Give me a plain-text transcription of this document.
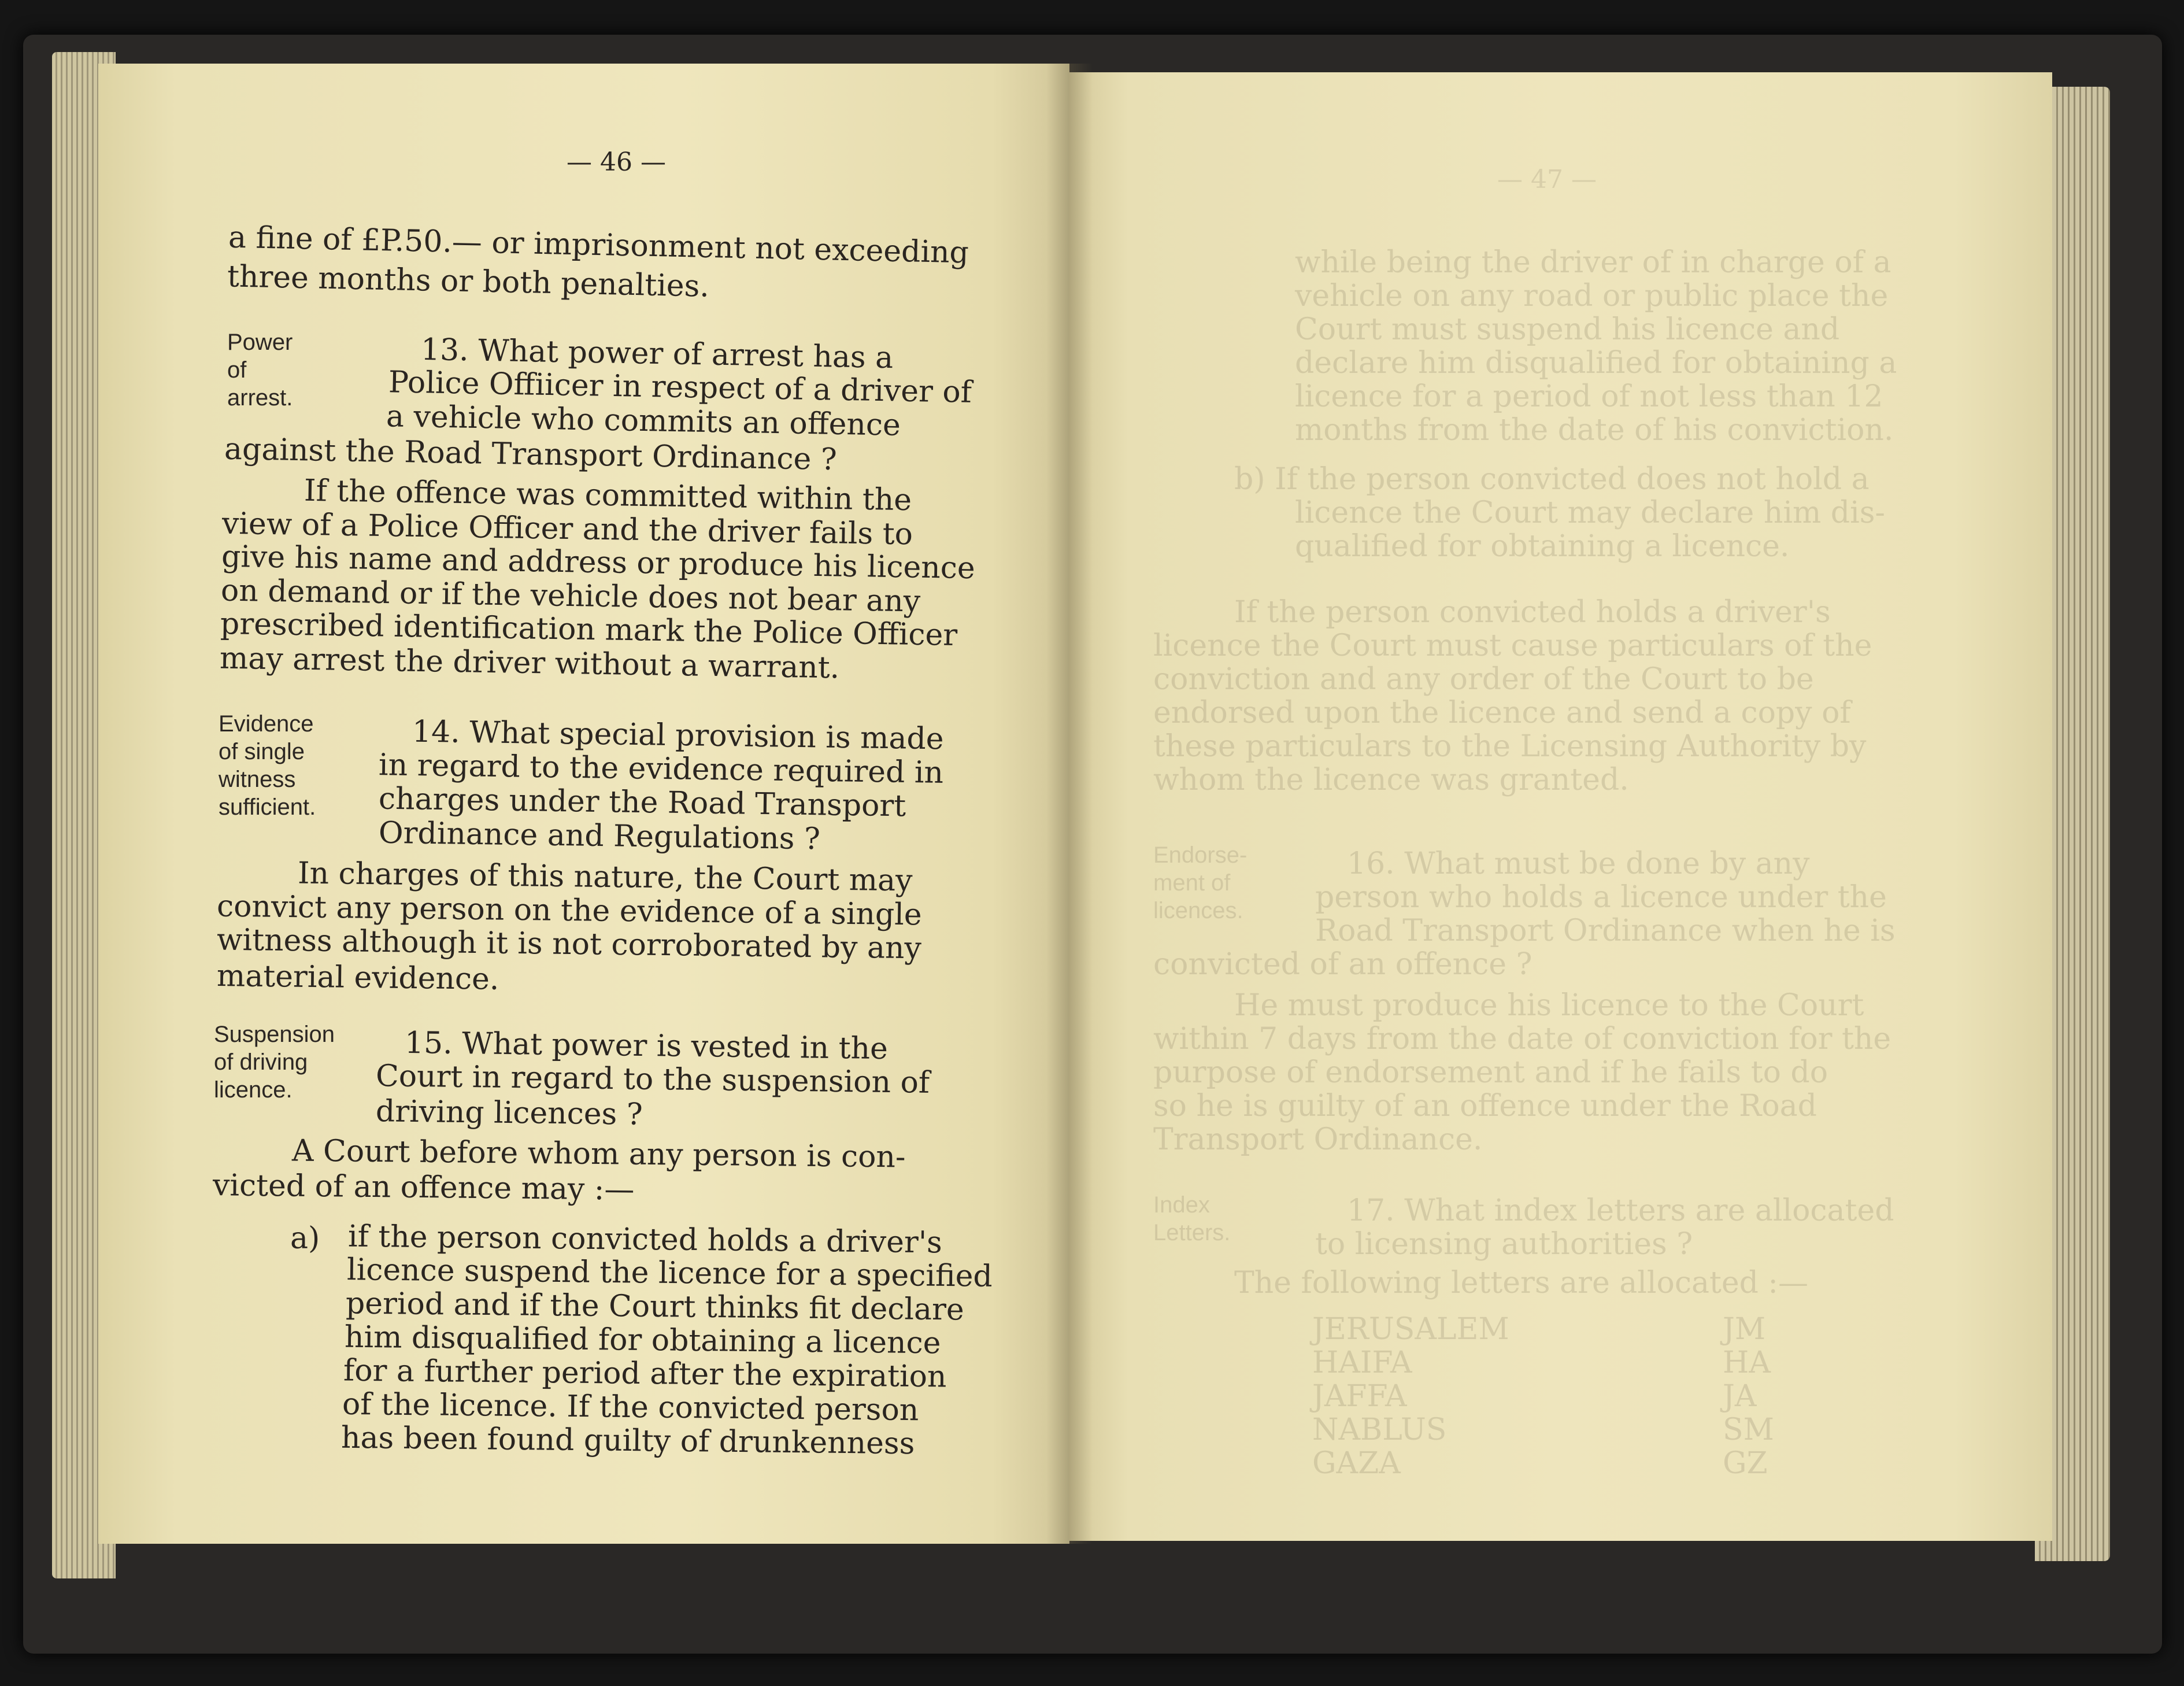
— 46 —
a fine of £P.50.— or imprisonment not exceeding
three months or both penalties.
Power
of
arrest.
13. What power of arrest has a
Police Offiicer in respect of a driver of
a vehicle who commits an offence
against the Road Transport Ordinance ?
If the offence was committed within the
view of a Police Officer and the driver fails to
give his name and address or produce his licence
on demand or if the vehicle does not bear any
prescribed identification mark the Police Officer
may arrest the driver without a warrant.
Evidence
of single
witness
sufficient.
14. What special provision is made
in regard to the evidence required in
charges under the Road Transport
Ordinance and Regulations ?
In charges of this nature, the Court may
convict any person on the evidence of a single
witness although it is not corroborated by any
material evidence.
Suspension
of driving
licence.
15. What power is vested in the
Court in regard to the suspension of
driving licences ?
A Court before whom any person is con-
victed of an offence may :—
a) if the person convicted holds a driver's
licence suspend the licence for a specified
period and if the Court thinks fit declare
him disqualified for obtaining a licence
for a further period after the expiration
of the licence. If the convicted person
has been found guilty of drunkenness
— 47 —
while being the driver of in charge of a
vehicle on any road or public place the
Court must suspend his licence and
declare him disqualified for obtaining a
licence for a period of not less than 12
months from the date of his conviction.
b) If the person convicted does not hold a
licence the Court may declare him dis-
qualified for obtaining a licence.
If the person convicted holds a driver's
licence the Court must cause particulars of the
conviction and any order of the Court to be
endorsed upon the licence and send a copy of
these particulars to the Licensing Authority by
whom the licence was granted.
Endorse-
ment of
licences.
16. What must be done by any
person who holds a licence under the
Road Transport Ordinance when he is
convicted of an offence ?
He must produce his licence to the Court
within 7 days from the date of conviction for the
purpose of endorsement and if he fails to do
so he is guilty of an offence under the Road
Transport Ordinance.
Index
Letters.
17. What index letters are allocated
to licensing authorities ?
The following letters are allocated :—
JERUSALEM	JM
HAIFA	HA
JAFFA	JA
NABLUS	SM
GAZA	GZ
